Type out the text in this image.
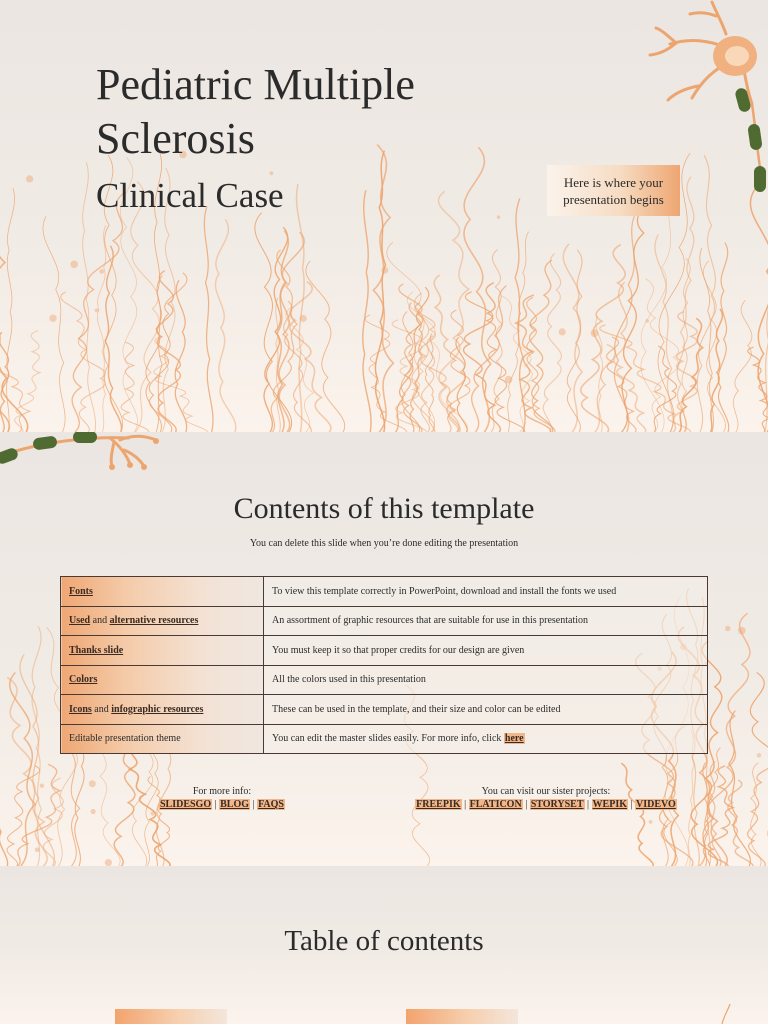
Pediatric Multiple Sclerosis
Clinical Case	Here is where your presentation begins
Contents of this template

You can delete this slide when you’re done editing the presentation

Fonts	To view this template correctly in PowerPoint, download and install the fonts we used
Used and alternative resources	An assortment of graphic resources that are suitable for use in this presentation
Thanks slide	You must keep it so that proper credits for our design are given
Colors	All the colors used in this presentation
Icons and infographic resources	These can be used in the template, and their size and color can be edited
Editable presentation theme	You can edit the master slides easily. For more info, click here
For more info:
SLIDESGO | BLOG | FAQS
You can visit our sister projects:
FREEPIK | FLATICON | STORYSET | WEPIK | VIDEVO
Table of contents
